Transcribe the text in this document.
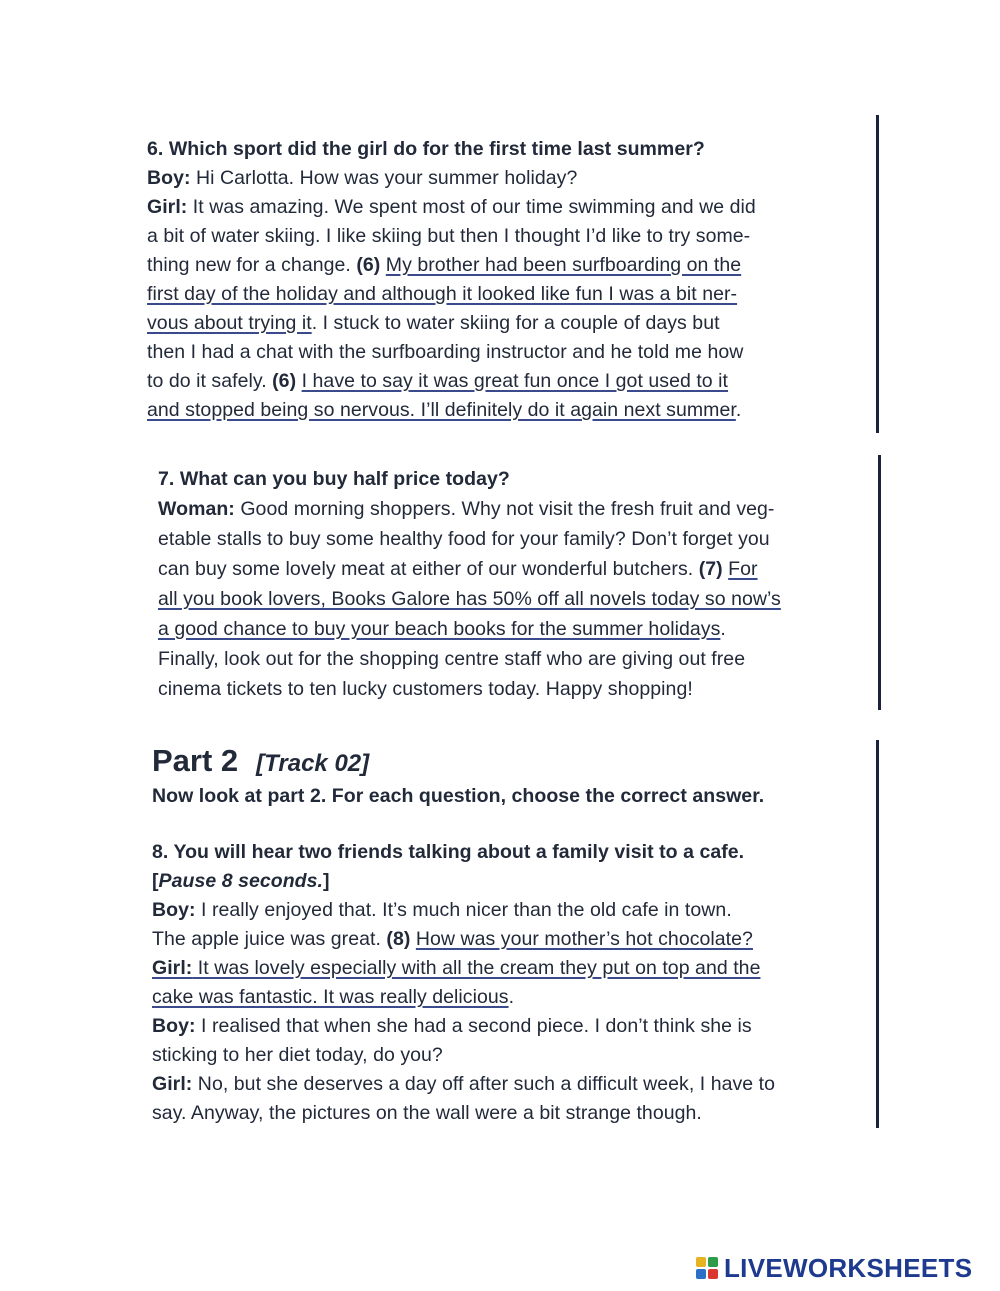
6. Which sport did the girl do for the first time last summer?
Boy: Hi Carlotta. How was your summer holiday?
Girl: It was amazing. We spent most of our time swimming and we did
a bit of water skiing. I like skiing but then I thought I’d like to try some-
thing new for a change. (6) My brother had been surfboarding on the
first day of the holiday and although it looked like fun I was a bit ner-
vous about trying it. I stuck to water skiing for a couple of days but
then I had a chat with the surfboarding instructor and he told me how
to do it safely. (6) I have to say it was great fun once I got used to it
and stopped being so nervous. I’ll definitely do it again next summer.
7. What can you buy half price today?
Woman: Good morning shoppers. Why not visit the fresh fruit and veg-
etable stalls to buy some healthy food for your family? Don’t forget you
can buy some lovely meat at either of our wonderful butchers. (7) For
all you book lovers, Books Galore has 50% off all novels today so now’s
a good chance to buy your beach books for the summer holidays.
Finally, look out for the shopping centre staff who are giving out free
cinema tickets to ten lucky customers today. Happy shopping!
Part 2 [Track 02]
Now look at part 2. For each question, choose the correct answer.
8. You will hear two friends talking about a family visit to a cafe.
[Pause 8 seconds.]
Boy: I really enjoyed that. It’s much nicer than the old cafe in town.
The apple juice was great. (8) How was your mother’s hot chocolate?
Girl: It was lovely especially with all the cream they put on top and the
cake was fantastic. It was really delicious.
Boy: I realised that when she had a second piece. I don’t think she is
sticking to her diet today, do you?
Girl: No, but she deserves a day off after such a difficult week, I have to
say. Anyway, the pictures on the wall were a bit strange though.
LIVEWORKSHEETS
